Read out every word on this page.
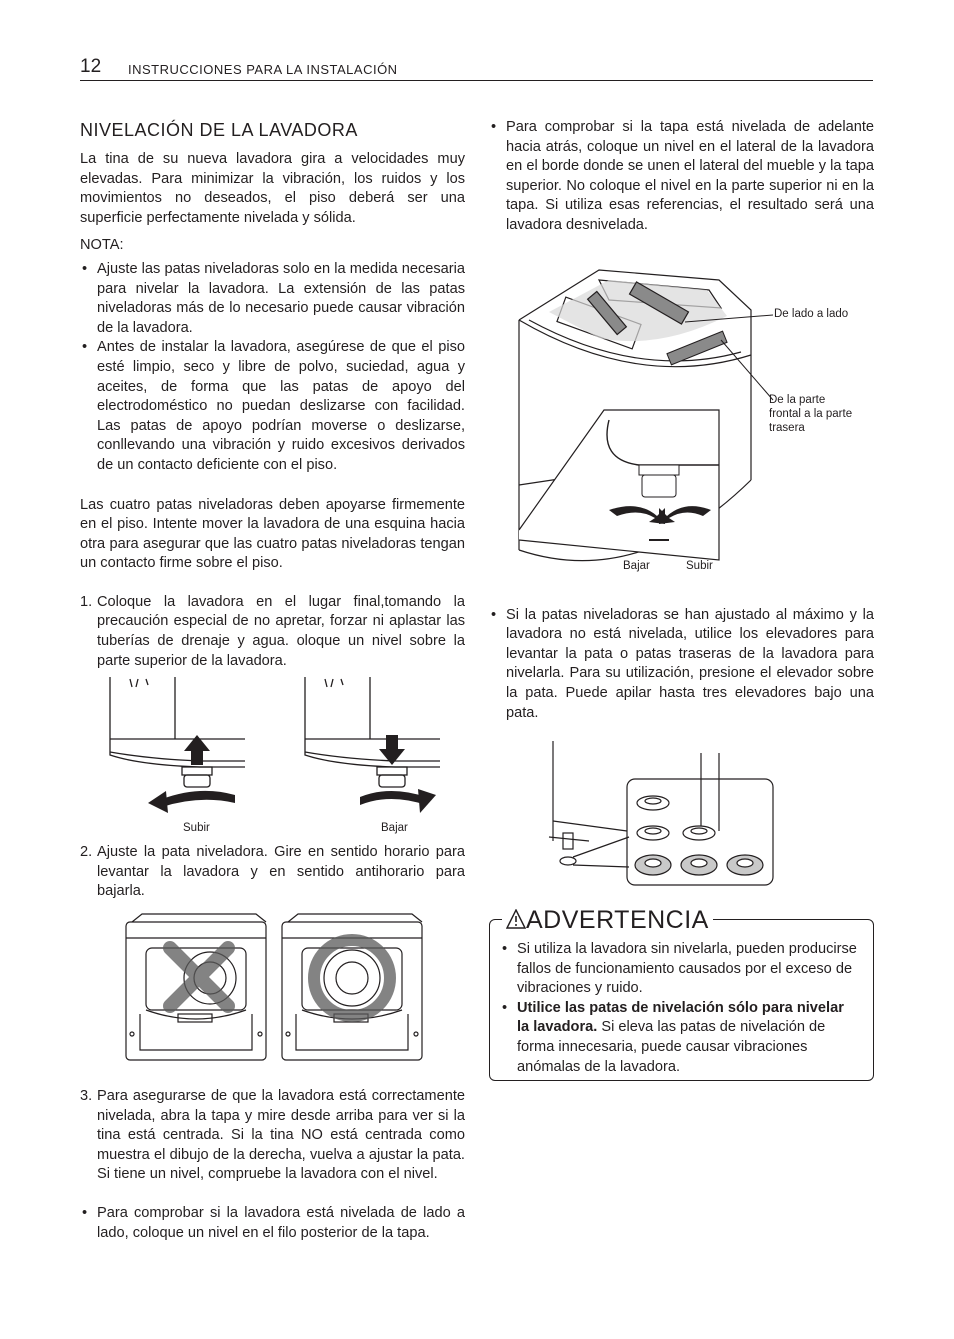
12 INSTRUCCIONES PARA LA INSTALACIÓN
NIVELACIÓN DE LA LAVADORA

La tina de su nueva lavadora gira a velocidades muy elevadas. Para minimizar la vibración, los ruidos y los movimientos no deseados, el piso deberá ser una superficie perfectamente nivelada y sólida.

NOTA:
• Ajuste las patas niveladoras solo en la medida necesaria para nivelar la lavadora. La extensión de las patas niveladoras más de lo necesario puede causar vibración de la lavadora.
• Antes de instalar la lavadora, asegúrese de que el piso esté limpio, seco y libre de polvo, suciedad, agua y aceites, de forma que las patas de apoyo del electrodoméstico no puedan deslizarse con facilidad. Las patas de apoyo podrían moverse o deslizarse, conllevando una vibración y ruido excesivos derivados de un contacto deficiente con el piso.

Las cuatro patas niveladoras deben apoyarse firmemente en el piso. Intente mover la lavadora de una esquina hacia otra para asegurar que las cuatro patas niveladoras tengan un contacto firme sobre el piso.

1. Coloque la lavadora en el lugar final,tomando la precaución especial de no apretar, forzar ni aplastar las tuberías de drenaje y agua. oloque un nivel sobre la parte superior de la lavadora.
Subir	Bajar
2. Ajuste la pata niveladora. Gire en sentido horario para levantar la lavadora y en sentido antihorario para bajarla.
3. Para asegurarse de que la lavadora está correctamente nivelada, abra la tapa y mire desde arriba para ver si la tina está centrada. Si la tina NO está centrada como muestra el dibujo de la derecha, vuelva a ajustar la pata. Si tiene un nivel, compruebe la lavadora con el nivel.
• Para comprobar si la lavadora está nivelada de lado a lado, coloque un nivel en el filo posterior de la tapa.
• Para comprobar si la tapa está nivelada de adelante hacia atrás, coloque un nivel en el lateral de la lavadora en el borde donde se unen el lateral del mueble y la tapa superior. No coloque el nivel en la parte superior ni en la tapa. Si utiliza esas referencias, el resultado será una lavadora desnivelada.
De lado a lado
De la parte
frontal a la parte
trasera
Bajar	Subir
• Si la patas niveladoras se han ajustado al máximo y la lavadora no está nivelada, utilice los elevadores para levantar la pata o patas traseras de la lavadora para nivelarla. Para su utilización, presione el elevador sobre la pata. Puede apilar hasta tres elevadores bajo una pata.
ADVERTENCIA
• Si utiliza la lavadora sin nivelarla, pueden producirse fallos de funcionamiento causados por el exceso de vibraciones y ruido.
• Utilice las patas de nivelación sólo para nivelar la lavadora. Si eleva las patas de nivelación de forma innecesaria, puede causar vibraciones anómalas de la lavadora.
